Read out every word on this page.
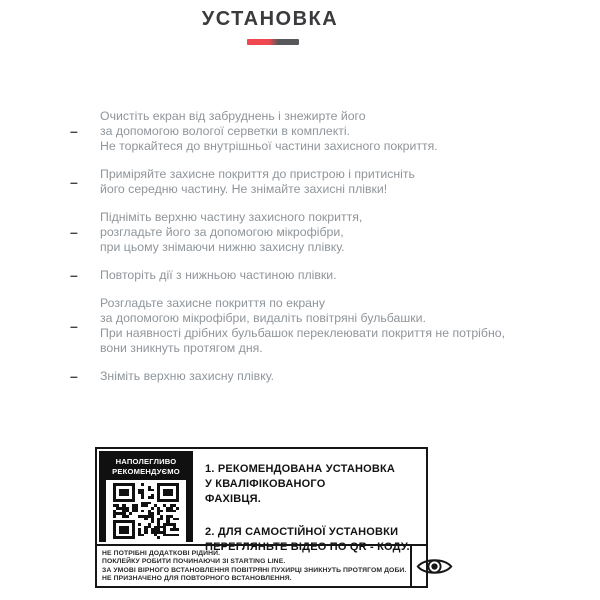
УСТАНОВКА
–

Очистіть екран від забруднень і знежирте його
за допомогою вологої серветки в комплекті.
Не торкайтеся до внутрішньої частини захисного покриття.

–	Приміряйте захисне покриття до пристрою і притисніть
його середню частину. Не знімайте захисні плівки!

–

Підніміть верхню частину захисного покриття,
розгладьте його за допомогою мікрофібри,
при цьому знімаючи нижню захисну плівку.

–	Повторіть дії з нижньою частиною плівки.

–

Розгладьте захисне покриття по екрану
за допомогою мікрофібри, видаліть повітряні бульбашки.
При наявності дрібних бульбашок переклеювати покриття не потрібно,
вони зникнуть протягом дня.

–	Зніміть верхню захисну плівку.

НАПОЛЕГЛИВО
РЕКОМЕНДУЄМО 1. РЕКОМЕНДОВАНА УСТАНОВКА
У КВАЛІФІКОВАНОГО
ФАХІВЦЯ.

2. ДЛЯ САМОСТІЙНОЇ УСТАНОВКИ
ПЕРЕГЛЯНЬТЕ ВІДЕО ПО QR - КОДУ.

НЕ ПОТРІБНІ ДОДАТКОВІ РІДИНИ.
ПОКЛЕЙКУ РОБИТИ ПОЧИНАЮЧИ ЗІ STARTING LINE.
ЗА УМОВІ ВІРНОГО ВСТАНОВЛЕННЯ ПОВІТРЯНІ ПУХИРЦІ ЗНИКНУТЬ ПРОТЯГОМ ДОБИ.
НЕ ПРИЗНАЧЕНО ДЛЯ ПОВТОРНОГО ВСТАНОВЛЕННЯ.
